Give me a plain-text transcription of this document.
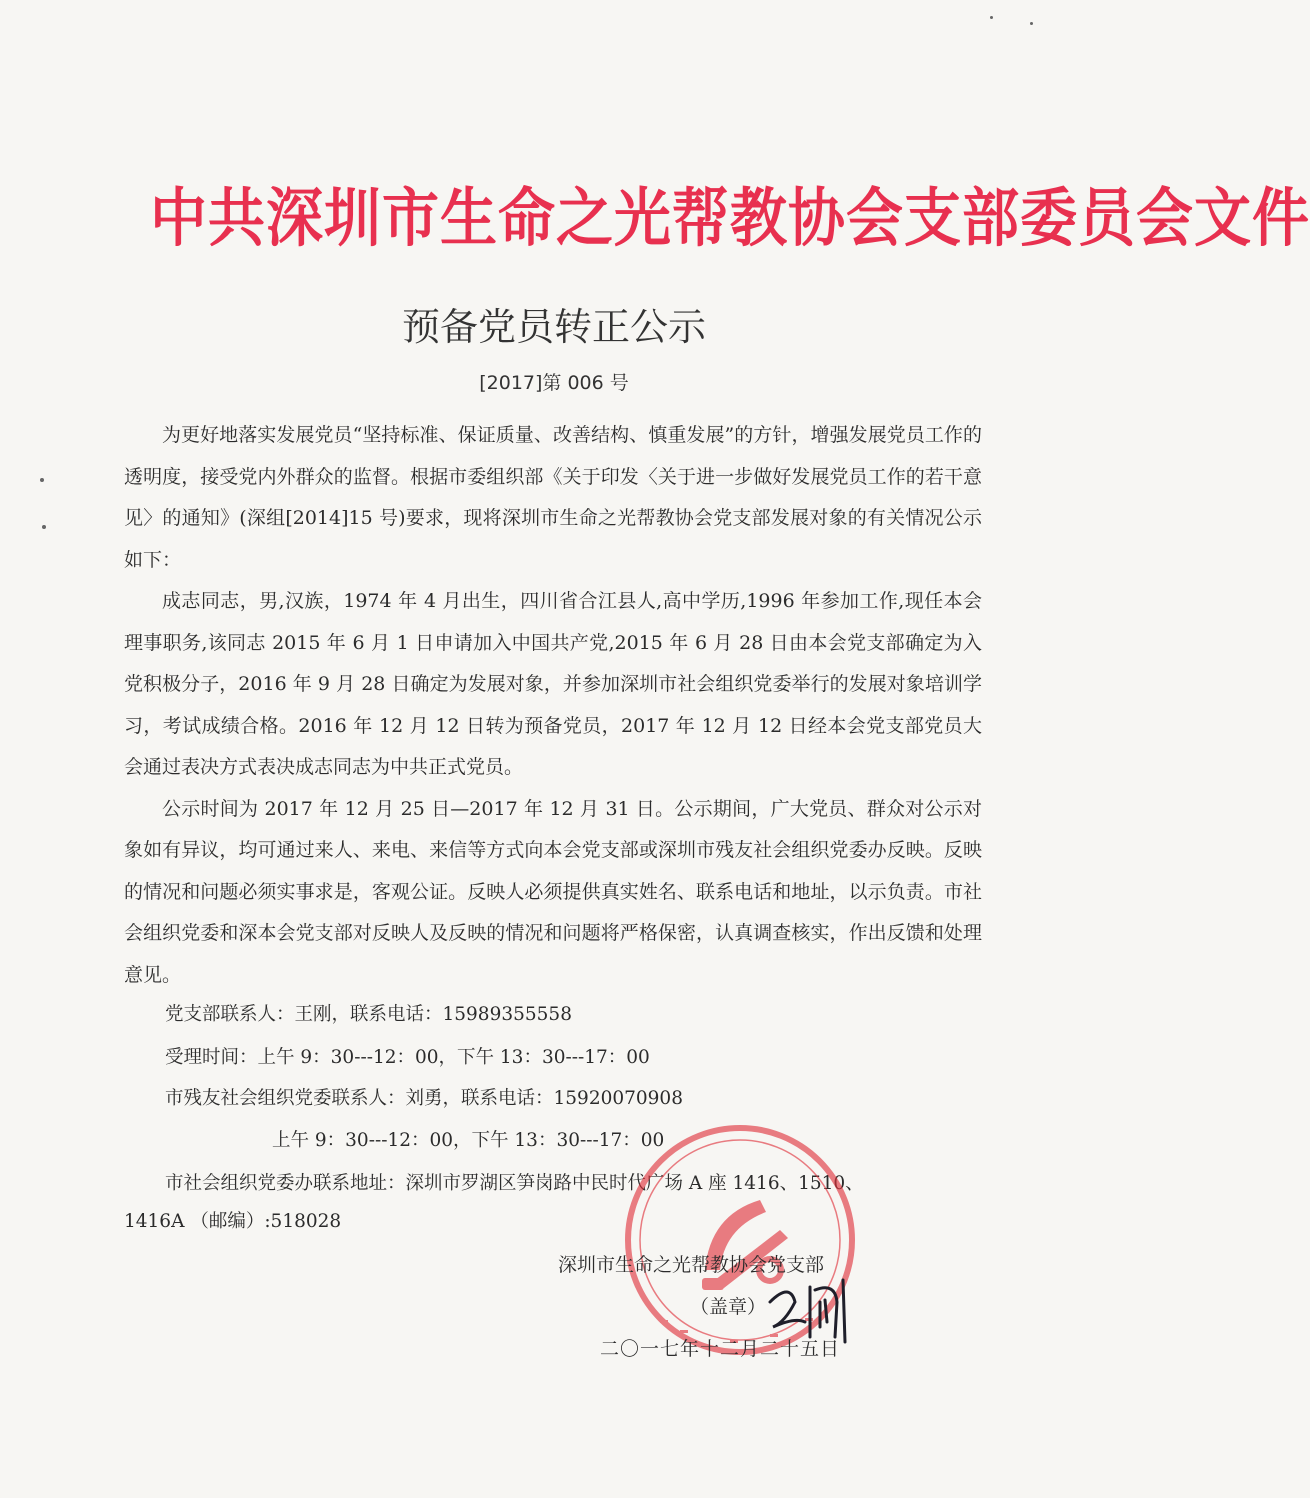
中共深圳市生命之光帮教协会支部委员会文件
预备党员转正公示
[2017]第 006 号

为更好地落实发展党员“坚持标准、保证质量、改善结构、慎重发展”的方针，增强发展党员工作的透明度，接受党内外群众的监督。根据市委组织部《关于印发〈关于进一步做好发展党员工作的若干意见〉的通知》(深组[2014]15 号)要求，现将深圳市生命之光帮教协会党支部发展对象的有关情况公示如下：

成志同志，男,汉族，1974 年 4 月出生，四川省合江县人,高中学历,1996 年参加工作,现任本会理事职务,该同志 2015 年 6 月 1 日申请加入中国共产党,2015 年 6 月 28 日由本会党支部确定为入党积极分子，2016 年 9 月 28 日确定为发展对象，并参加深圳市社会组织党委举行的发展对象培训学习，考试成绩合格。2016 年 12 月 12 日转为预备党员，2017 年 12 月 12 日经本会党支部党员大会通过表决方式表决成志同志为中共正式党员。

公示时间为 2017 年 12 月 25 日—2017 年 12 月 31 日。公示期间，广大党员、群众对公示对象如有异议，均可通过来人、来电、来信等方式向本会党支部或深圳市残友社会组织党委办反映。反映的情况和问题必须实事求是，客观公证。反映人必须提供真实姓名、联系电话和地址，以示负责。市社会组织党委和深本会党支部对反映人及反映的情况和问题将严格保密，认真调查核实，作出反馈和处理意见。

党支部联系人：王刚，联系电话：15989355558
受理时间：上午 9：30---12：00，下午 13：30---17：00
市残友社会组织党委联系人：刘勇，联系电话：15920070908
上午 9：30---12：00，下午 13：30---17：00
市社会组织党委办联系地址：深圳市罗湖区笋岗路中民时代广场 A 座 1416、1510、
1416A （邮编）:518028
深圳市生命之光帮教协会党支部
（盖章）
二〇一七年十二月二十五日
